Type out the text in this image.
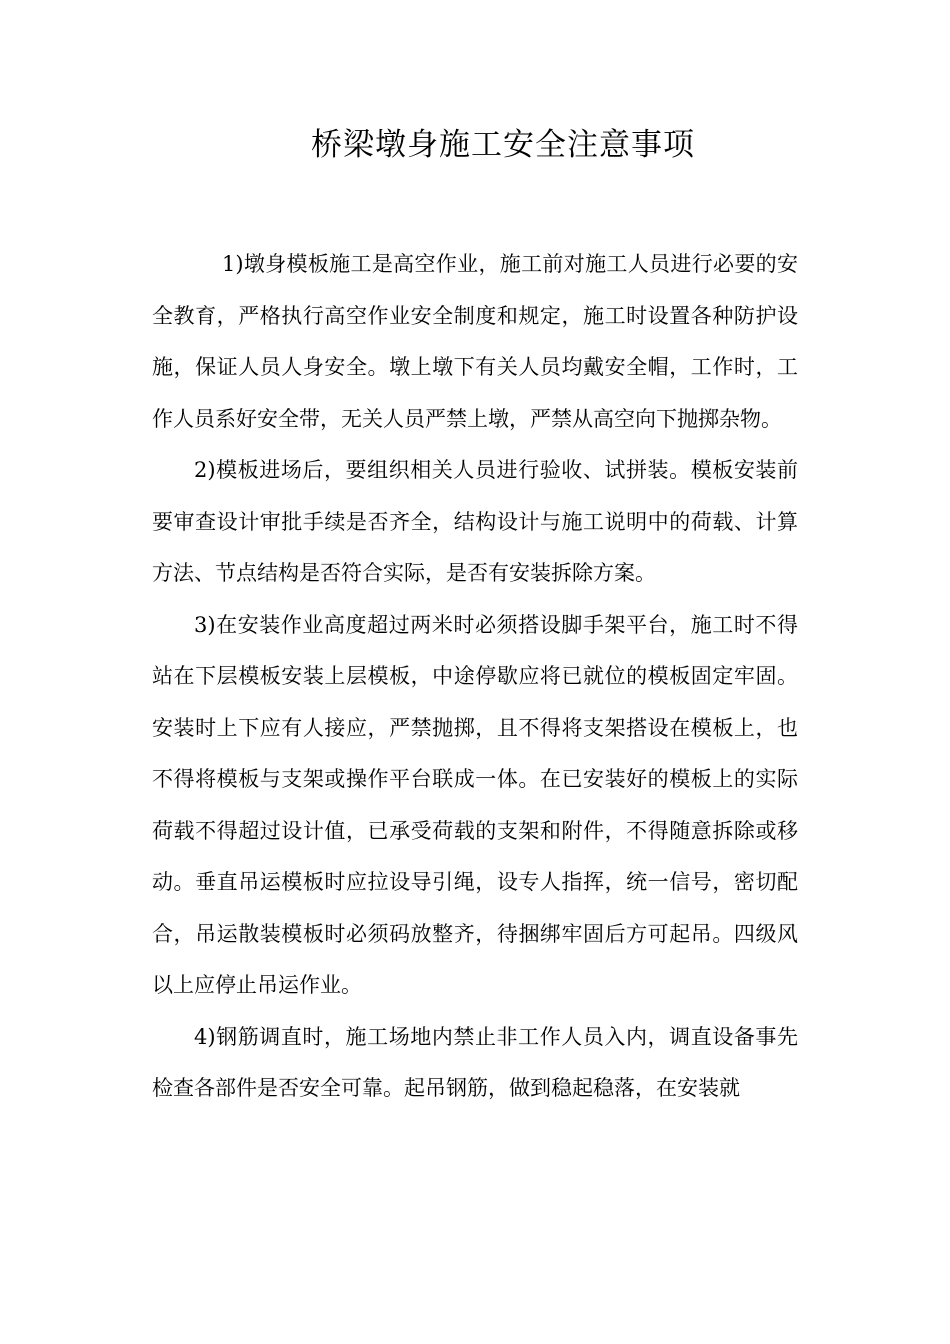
桥梁墩身施工安全注意事项

1)墩身模板施工是高空作业，施工前对施工人员进行必要的安全教育，严格执行高空作业安全制度和规定，施工时设置各种防护设施，保证人员人身安全。墩上墩下有关人员均戴安全帽，工作时，工作人员系好安全带，无关人员严禁上墩，严禁从高空向下抛掷杂物。

2)模板进场后，要组织相关人员进行验收、试拼装。模板安装前要审查设计审批手续是否齐全，结构设计与施工说明中的荷载、计算方法、节点结构是否符合实际，是否有安装拆除方案。

3)在安装作业高度超过两米时必须搭设脚手架平台，施工时不得站在下层模板安装上层模板，中途停歇应将已就位的模板固定牢固。安装时上下应有人接应，严禁抛掷，且不得将支架搭设在模板上，也不得将模板与支架或操作平台联成一体。在已安装好的模板上的实际荷载不得超过设计值，已承受荷载的支架和附件，不得随意拆除或移动。垂直吊运模板时应拉设导引绳，设专人指挥，统一信号，密切配合，吊运散装模板时必须码放整齐，待捆绑牢固后方可起吊。四级风以上应停止吊运作业。

4)钢筋调直时，施工场地内禁止非工作人员入内，调直设备事先检查各部件是否安全可靠。起吊钢筋，做到稳起稳落，在安装就
